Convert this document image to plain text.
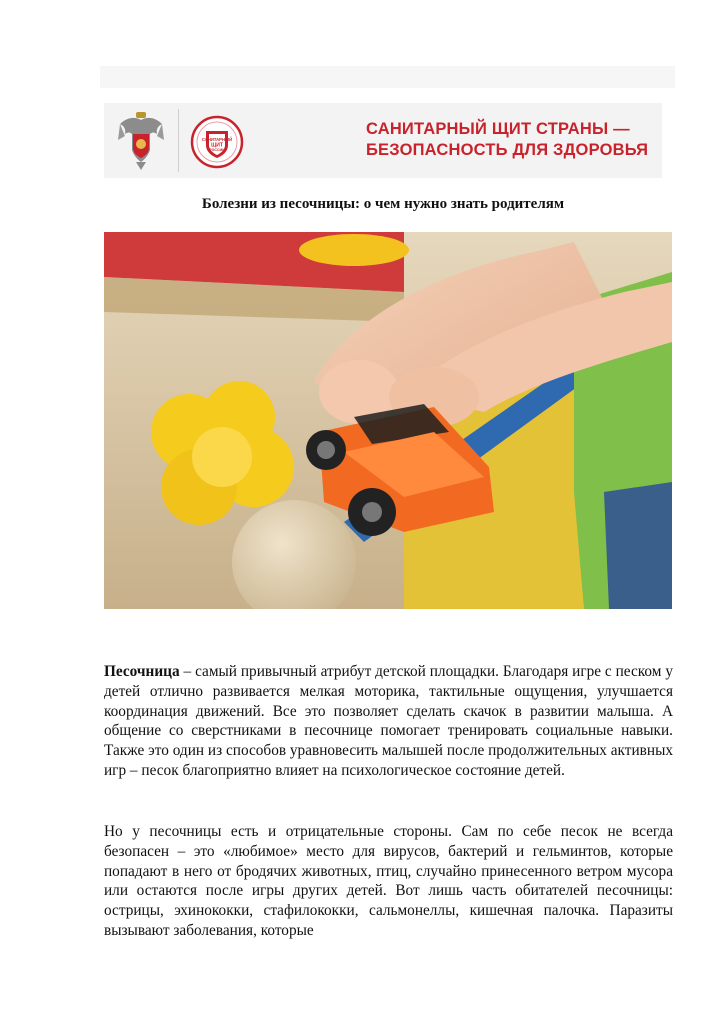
САНИТАРНЫЙ
ЩИТ
РОССИИ
САНИТАРНЫЙ ЩИТ СТРАНЫ —
БЕЗОПАСНОСТЬ ДЛЯ ЗДОРОВЬЯ
Болезни из песочницы: о чем нужно знать родителям
Песочница – самый привычный атрибут детской площадки. Благодаря игре с песком у детей отлично развивается мелкая моторика, тактильные ощущения, улучшается координация движений. Все это позволяет сделать скачок в развитии малыша. А общение со сверстниками в песочнице помогает тренировать социальные навыки. Также это один из способов уравновесить малышей после продолжительных активных игр – песок благоприятно влияет на психологическое состояние детей.
Но у песочницы есть и отрицательные стороны. Сам по себе песок не всегда безопасен – это «любимое» место для вирусов, бактерий и гельминтов, которые попадают в него от бродячих животных, птиц, случайно принесенного ветром мусора или остаются после игры других детей. Вот лишь часть обитателей песочницы: острицы, эхинококки, стафилококки, сальмонеллы, кишечная палочка. Паразиты вызывают заболевания, которые
